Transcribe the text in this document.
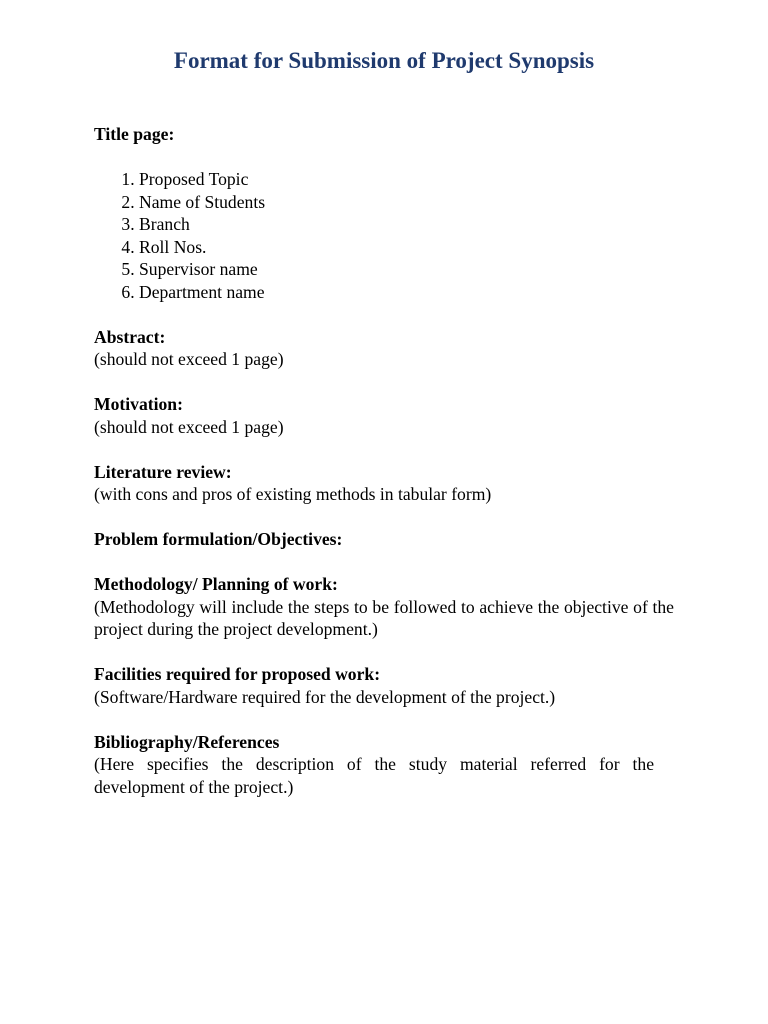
Format for Submission of Project Synopsis

Title page:

1. Proposed Topic
2. Name of Students
3. Branch
4. Roll Nos.
5. Supervisor name
6. Department name

Abstract:

(should not exceed 1 page)

Motivation:

(should not exceed 1 page)

Literature review:

(with cons and pros of existing methods in tabular form)

Problem formulation/Objectives:

Methodology/ Planning of work:

(Methodology will include the steps to be followed to achieve the objective of the project during the project development.)

Facilities required for proposed work:

(Software/Hardware required for the development of the project.)

Bibliography/References

(Here specifies the description of the study material referred for the development of the project.)
